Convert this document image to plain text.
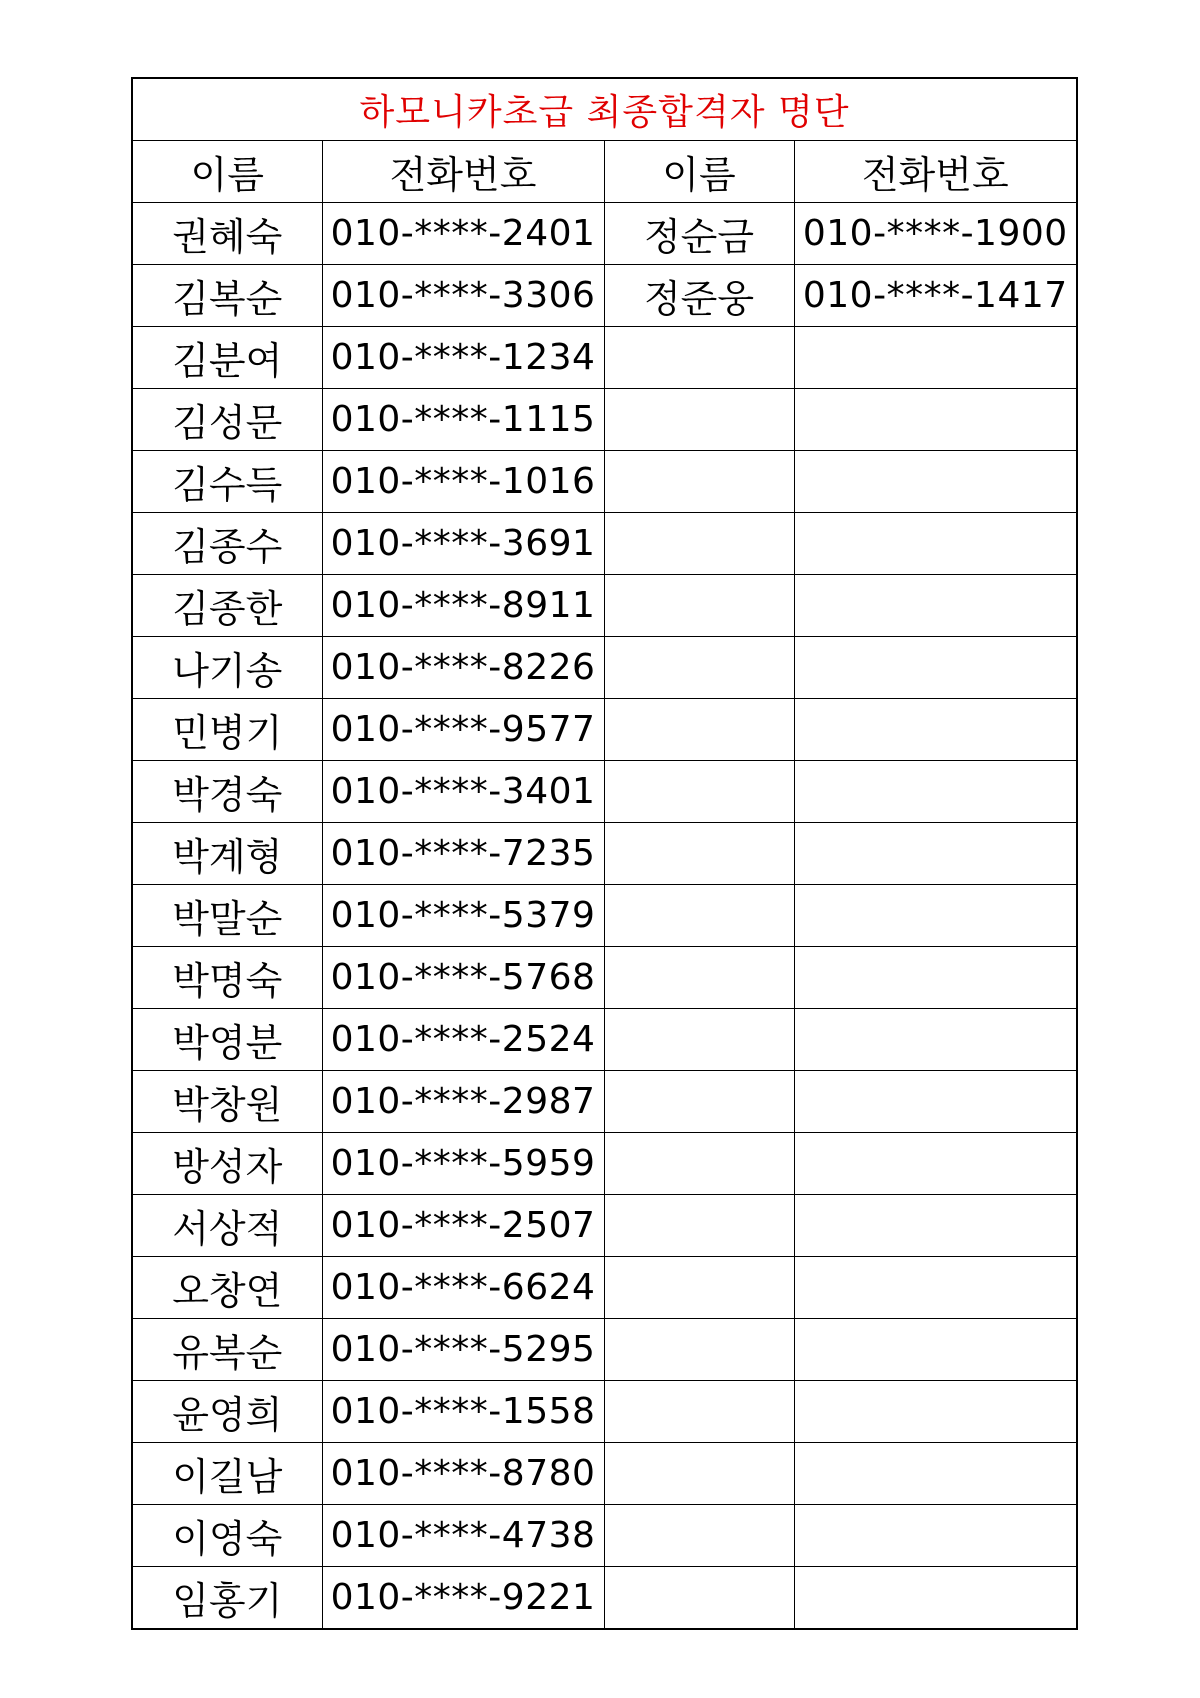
하모니카초급 최종합격자 명단			
이름	전화번호	이름	전화번호
권혜숙	010-****-2401	정순금	010-****-1900
김복순	010-****-3306	정준웅	010-****-1417
김분여	010-****-1234		
김성문	010-****-1115		
김수득	010-****-1016		
김종수	010-****-3691		
김종한	010-****-8911		
나기송	010-****-8226		
민병기	010-****-9577		
박경숙	010-****-3401		
박계형	010-****-7235		
박말순	010-****-5379		
박명숙	010-****-5768		
박영분	010-****-2524		
박창원	010-****-2987		
방성자	010-****-5959		
서상적	010-****-2507		
오창연	010-****-6624		
유복순	010-****-5295		
윤영희	010-****-1558		
이길남	010-****-8780		
이영숙	010-****-4738		
임홍기	010-****-9221		
